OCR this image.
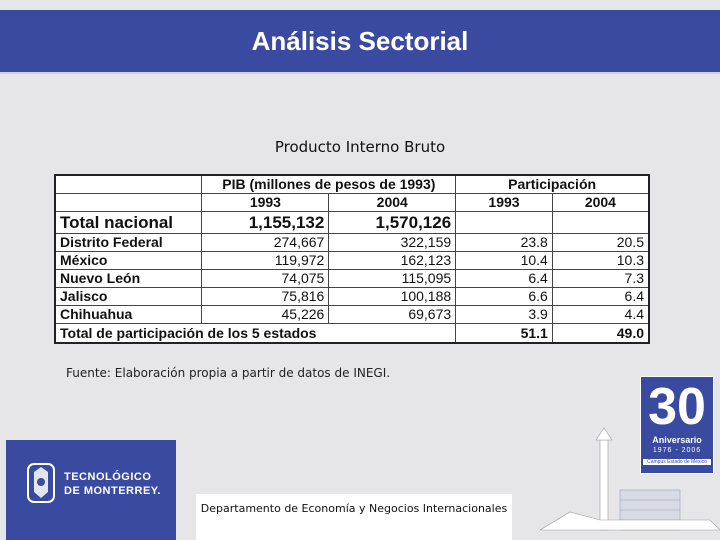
Análisis Sectorial
Producto Interno Bruto
	PIB (millones de pesos de 1993)		Participación	
	1993	2004	1993	2004
Total nacional	1,155,132	1,570,126		
Distrito Federal	274,667	322,159	23.8	20.5
México	119,972	162,123	10.4	10.3
Nuevo León	74,075	115,095	6.4	7.3
Jalisco	75,816	100,188	6.6	6.4
Chihuahua	45,226	69,673	3.9	4.4
Total de participación de los 5 estados			51.1	49.0
Fuente: Elaboración propia a partir de datos de INEGI.
TECNOLÓGICO
DE MONTERREY.
Departamento de Economía y Negocios Internacionales
30
Aniversario
1976 - 2006
Campus Estado de México
